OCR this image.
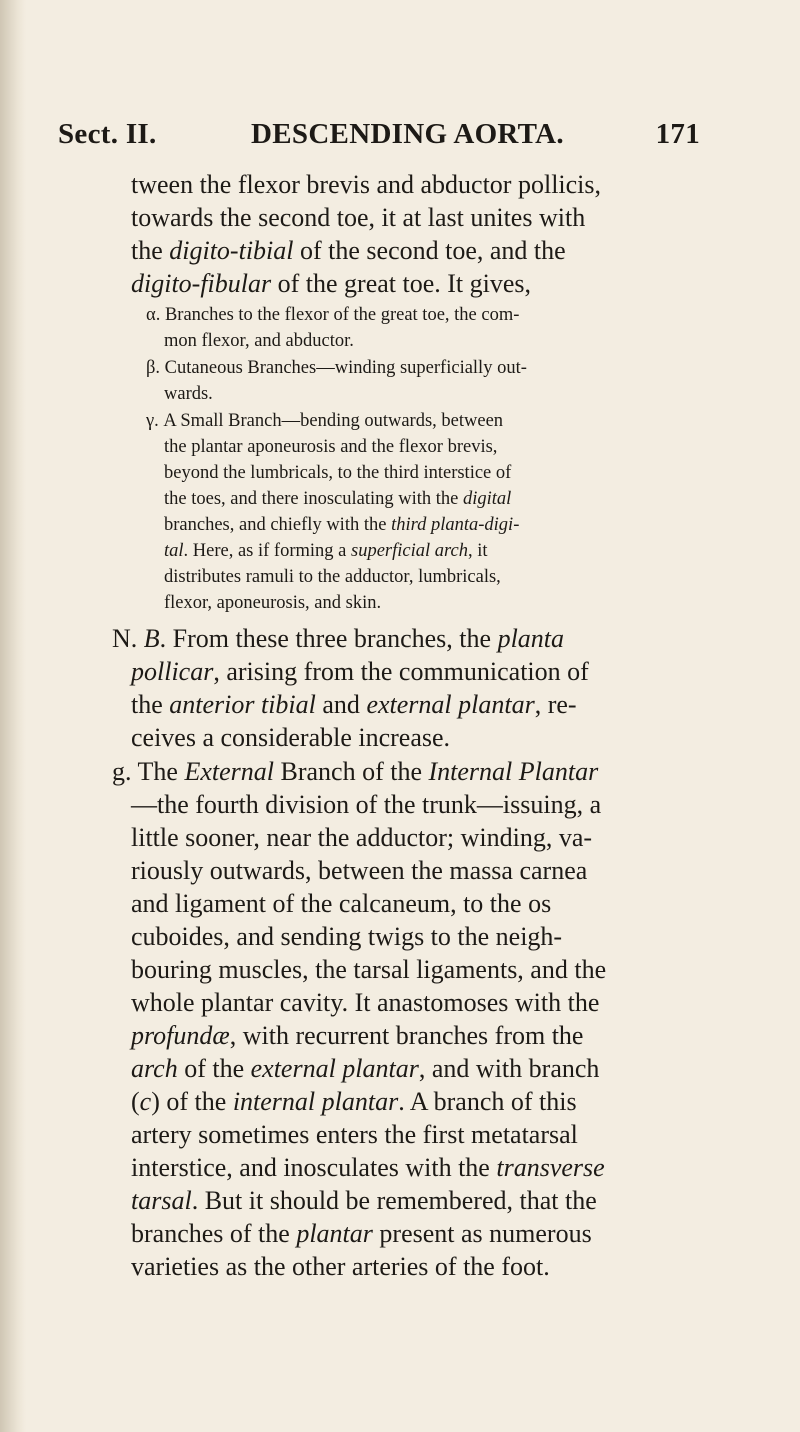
Sect. II.	DESCENDING AORTA.	171
tween the flexor brevis and abductor pollicis,
towards the second toe, it at last unites with
the digito-tibial of the second toe, and the
digito-fibular of the great toe. It gives,
α. Branches to the flexor of the great toe, the com-
mon flexor, and abductor.
β. Cutaneous Branches—winding superficially out-
wards.
γ. A Small Branch—bending outwards, between
the plantar aponeurosis and the flexor brevis,
beyond the lumbricals, to the third interstice of
the toes, and there inosculating with the digital
branches, and chiefly with the third planta-digi-
tal. Here, as if forming a superficial arch, it
distributes ramuli to the adductor, lumbricals,
flexor, aponeurosis, and skin.
N. B. From these three branches, the planta
pollicar, arising from the communication of
the anterior tibial and external plantar, re-
ceives a considerable increase.
g. The External Branch of the Internal Plantar
—the fourth division of the trunk—issuing, a
little sooner, near the adductor; winding, va-
riously outwards, between the massa carnea
and ligament of the calcaneum, to the os
cuboides, and sending twigs to the neigh-
bouring muscles, the tarsal ligaments, and the
whole plantar cavity. It anastomoses with the
profundæ, with recurrent branches from the
arch of the external plantar, and with branch
(c) of the internal plantar. A branch of this
artery sometimes enters the first metatarsal
interstice, and inosculates with the transverse
tarsal. But it should be remembered, that the
branches of the plantar present as numerous
varieties as the other arteries of the foot.
